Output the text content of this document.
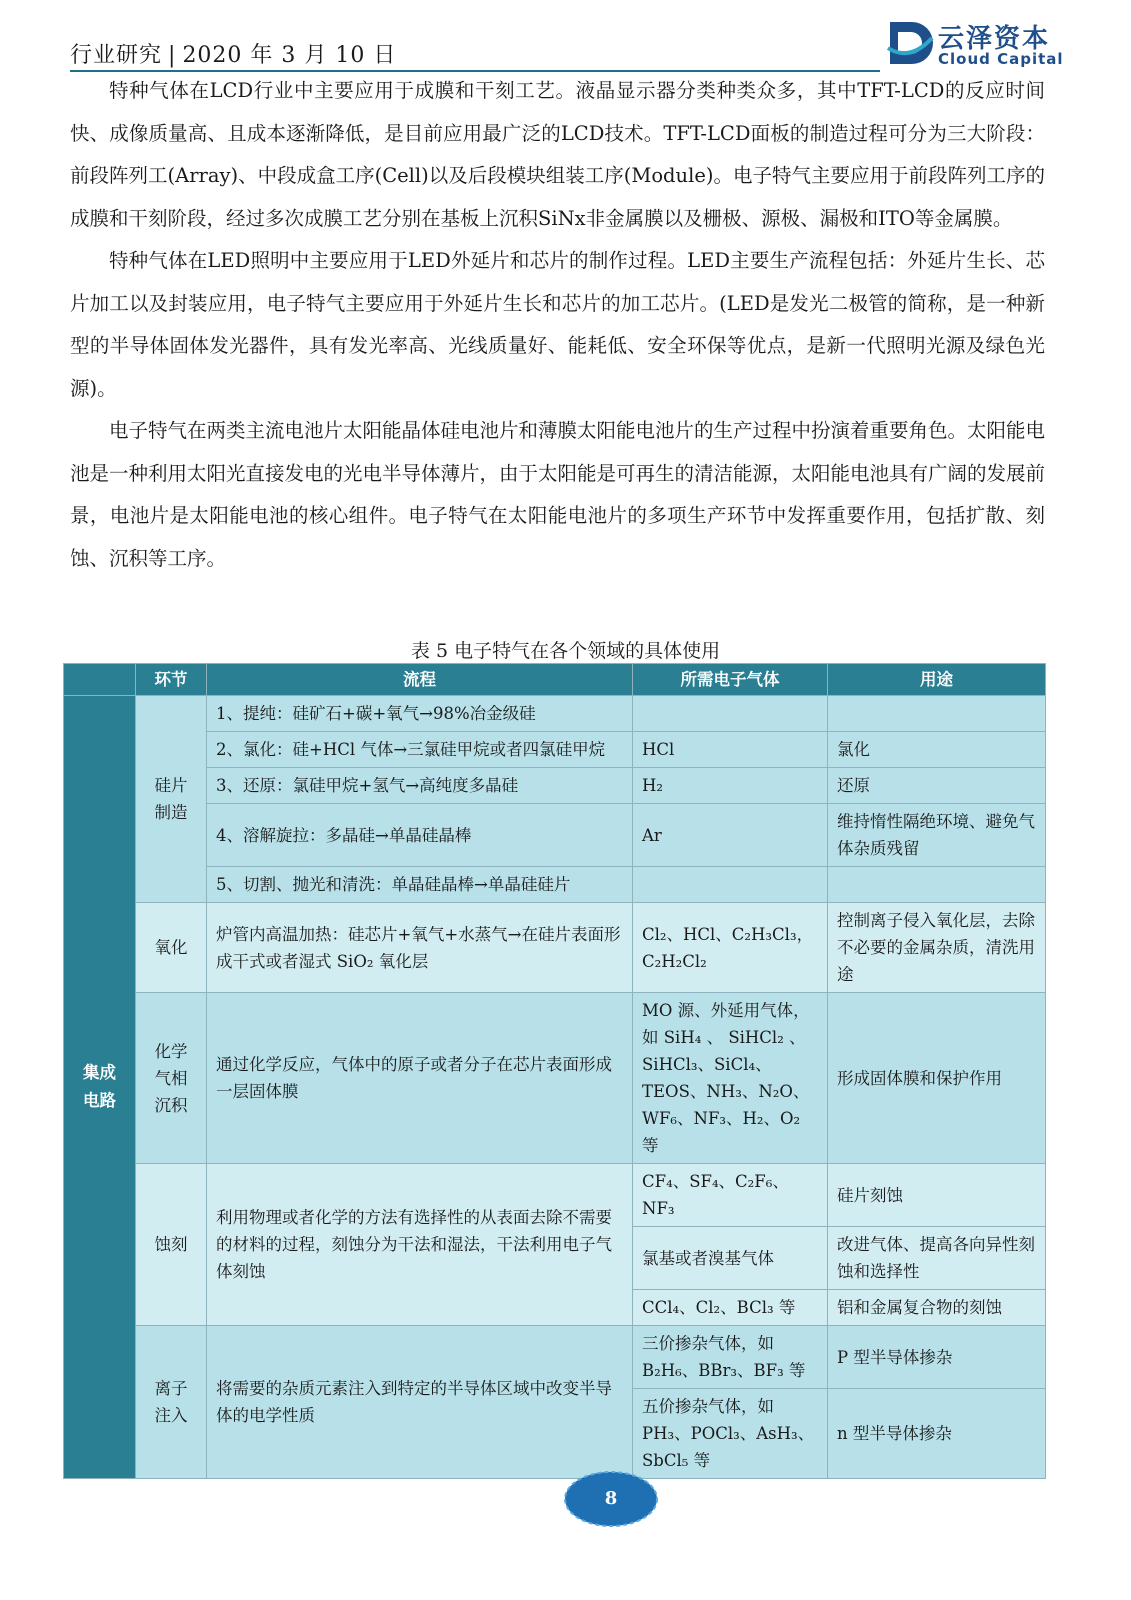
行业研究 | 2020 年 3 月 10 日
云泽资本
Cloud Capital

特种气体在LCD行业中主要应用于成膜和干刻工艺。液晶显示器分类种类众多，其中TFT-LCD的反应时间快、成像质量高、且成本逐渐降低，是目前应用最广泛的LCD技术。TFT-LCD面板的制造过程可分为三大阶段：前段阵列工(Array)、中段成盒工序(Cell)以及后段模块组装工序(Module)。电子特气主要应用于前段阵列工序的成膜和干刻阶段，经过多次成膜工艺分别在基板上沉积SiNx非金属膜以及栅极、源极、漏极和ITO等金属膜。

特种气体在LED照明中主要应用于LED外延片和芯片的制作过程。LED主要生产流程包括：外延片生长、芯片加工以及封装应用，电子特气主要应用于外延片生长和芯片的加工芯片。(LED是发光二极管的简称，是一种新型的半导体固体发光器件，具有发光率高、光线质量好、能耗低、安全环保等优点，是新一代照明光源及绿色光源)。

电子特气在两类主流电池片太阳能晶体硅电池片和薄膜太阳能电池片的生产过程中扮演着重要角色。太阳能电池是一种利用太阳光直接发电的光电半导体薄片，由于太阳能是可再生的清洁能源，太阳能电池具有广阔的发展前景，电池片是太阳能电池的核心组件。电子特气在太阳能电池片的多项生产环节中发挥重要作用，包括扩散、刻蚀、沉积等工序。

表 5 电子特气在各个领域的具体使用
	环节	流程	所需电子气体	用途

集成电路	硅片制造	1、提纯：硅矿石+碳+氧气→98%冶金级硅		
		2、氯化：硅+HCl 气体→三氯硅甲烷或者四氯硅甲烷	HCl	氯化
		3、还原：氯硅甲烷+氢气→高纯度多晶硅	H₂	还原
		4、溶解旋拉：多晶硅→单晶硅晶棒	Ar	维持惰性隔绝环境、避免气体杂质残留
		5、切割、抛光和清洗：单晶硅晶棒→单晶硅硅片		
	氧化	炉管内高温加热：硅芯片+氧气+水蒸气→在硅片表面形成干式或者湿式 SiO₂ 氧化层	Cl₂、HCl、C₂H₃Cl₃，C₂H₂Cl₂	控制离子侵入氧化层，去除不必要的金属杂质，清洗用途

	化学气相沉积	通过化学反应，气体中的原子或者分子在芯片表面形成一层固体膜	MO 源、外延用气体，如 SiH₄ 、 SiHCl₂ 、SiHCl₃、SiCl₄、TEOS、NH₃、N₂O、WF₆、NF₃、H₂、O₂ 等	形成固体膜和保护作用
	蚀刻	利用物理或者化学的方法有选择性的从表面去除不需要的材料的过程，刻蚀分为干法和湿法，干法利用电子气体刻蚀	CF₄、SF₄、C₂F₆、NF₃	硅片刻蚀
			氯基或者溴基气体	改进气体、提高各向异性刻蚀和选择性
			CCl₄、Cl₂、BCl₃ 等	铝和金属复合物的刻蚀

	离子注入	将需要的杂质元素注入到特定的半导体区域中改变半导体的电学性质	三价掺杂气体，如 B₂H₆、BBr₃、BF₃ 等	P 型半导体掺杂
			五价掺杂气体，如 PH₃、POCl₃、AsH₃、SbCl₅ 等	n 型半导体掺杂
8
